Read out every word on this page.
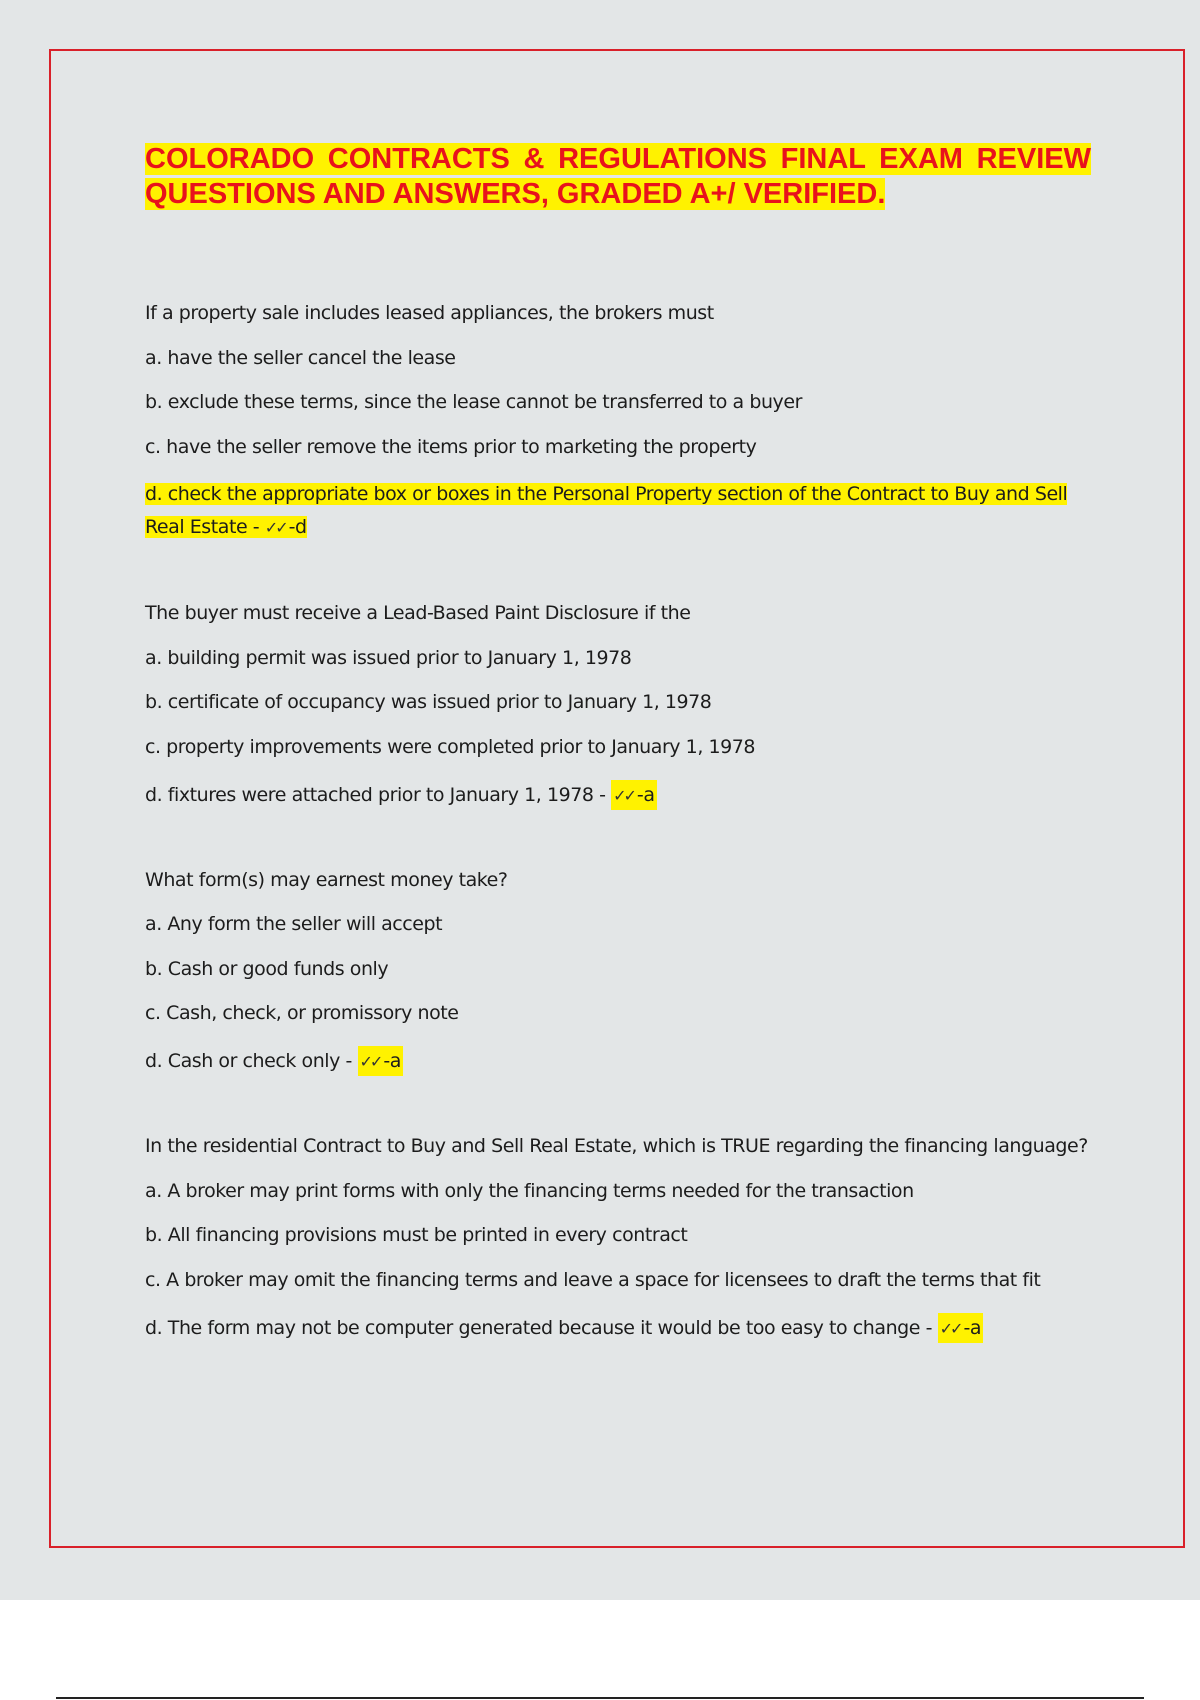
COLORADO CONTRACTS & REGULATIONS FINAL EXAM REVIEW QUESTIONS AND ANSWERS, GRADED A+/ VERIFIED.

If a property sale includes leased appliances, the brokers must

a. have the seller cancel the lease

b. exclude these terms, since the lease cannot be transferred to a buyer

c. have the seller remove the items prior to marketing the property

d. check the appropriate box or boxes in the Personal Property section of the Contract to Buy and Sell Real Estate - ✓✓ -d

The buyer must receive a Lead-Based Paint Disclosure if the

a. building permit was issued prior to January 1, 1978

b. certificate of occupancy was issued prior to January 1, 1978

c. property improvements were completed prior to January 1, 1978

d. fixtures were attached prior to January 1, 1978 - ✓✓ -a

What form(s) may earnest money take?

a. Any form the seller will accept

b. Cash or good funds only

c. Cash, check, or promissory note

d. Cash or check only - ✓✓ -a

In the residential Contract to Buy and Sell Real Estate, which is TRUE regarding the financing language?

a. A broker may print forms with only the financing terms needed for the transaction

b. All financing provisions must be printed in every contract

c. A broker may omit the financing terms and leave a space for licensees to draft the terms that fit

d. The form may not be computer generated because it would be too easy to change - ✓✓ -a
